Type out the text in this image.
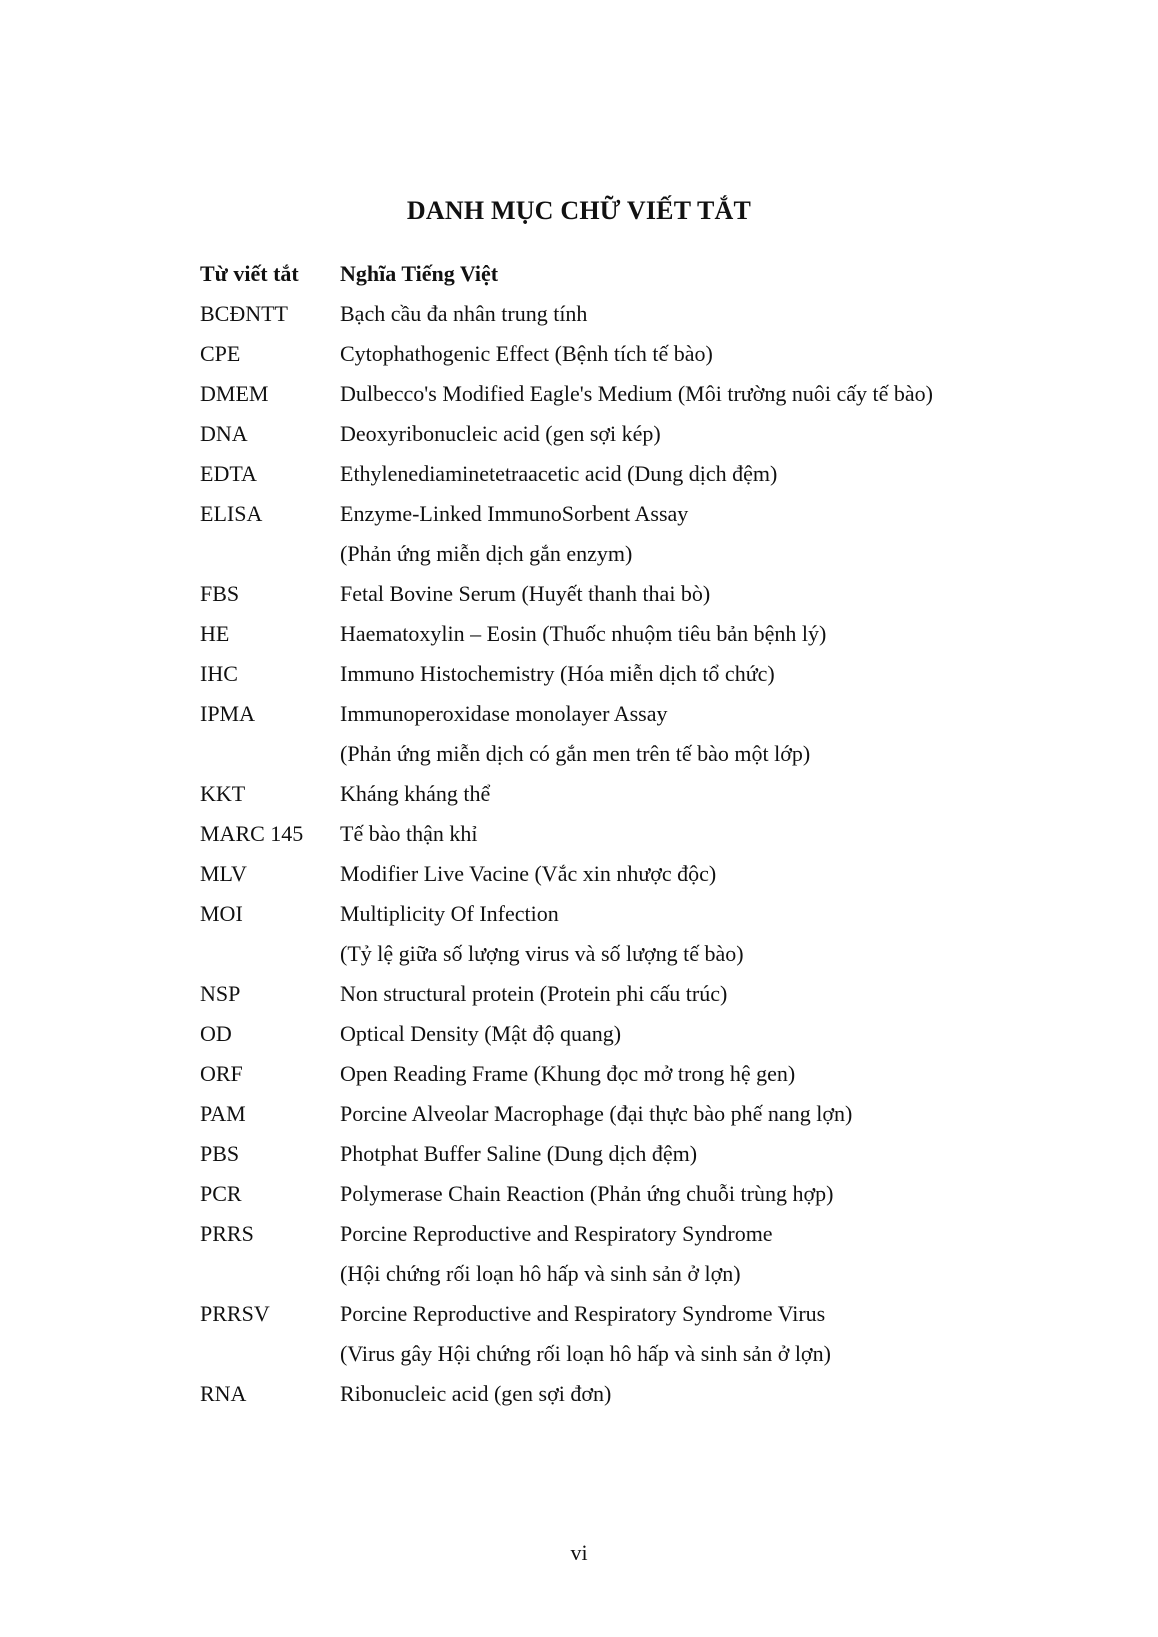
DANH MỤC CHỮ VIẾT TẮT
Từ viết tắt	Nghĩa Tiếng Việt
BCĐNTT	Bạch cầu đa nhân trung tính
CPE	Cytophathogenic Effect (Bệnh tích tế bào)
DMEM	Dulbecco's Modified Eagle's Medium (Môi trường nuôi cấy tế bào)
DNA	Deoxyribonucleic acid (gen sợi kép)
EDTA	Ethylenediaminetetraacetic acid (Dung dịch đệm)
ELISA	Enzyme-Linked ImmunoSorbent Assay
(Phản ứng miễn dịch gắn enzym)
FBS	Fetal Bovine Serum (Huyết thanh thai bò)
HE	Haematoxylin – Eosin (Thuốc nhuộm tiêu bản bệnh lý)
IHC	Immuno Histochemistry (Hóa miễn dịch tổ chức)
IPMA	Immunoperoxidase monolayer Assay
(Phản ứng miễn dịch có gắn men trên tế bào một lớp)
KKT	Kháng kháng thể
MARC 145	Tế bào thận khỉ
MLV	Modifier Live Vacine (Vắc xin nhược độc)
MOI	Multiplicity Of Infection
(Tỷ lệ giữa số lượng virus và số lượng tế bào)
NSP	Non structural protein (Protein phi cấu trúc)
OD	Optical Density (Mật độ quang)
ORF	Open Reading Frame (Khung đọc mở trong hệ gen)
PAM	Porcine Alveolar Macrophage (đại thực bào phế nang lợn)
PBS	Photphat Buffer Saline (Dung dịch đệm)
PCR	Polymerase Chain Reaction (Phản ứng chuỗi trùng hợp)
PRRS	Porcine Reproductive and Respiratory Syndrome
(Hội chứng rối loạn hô hấp và sinh sản ở lợn)
PRRSV	Porcine Reproductive and Respiratory Syndrome Virus
(Virus gây Hội chứng rối loạn hô hấp và sinh sản ở lợn)
RNA	Ribonucleic acid (gen sợi đơn)
vi
